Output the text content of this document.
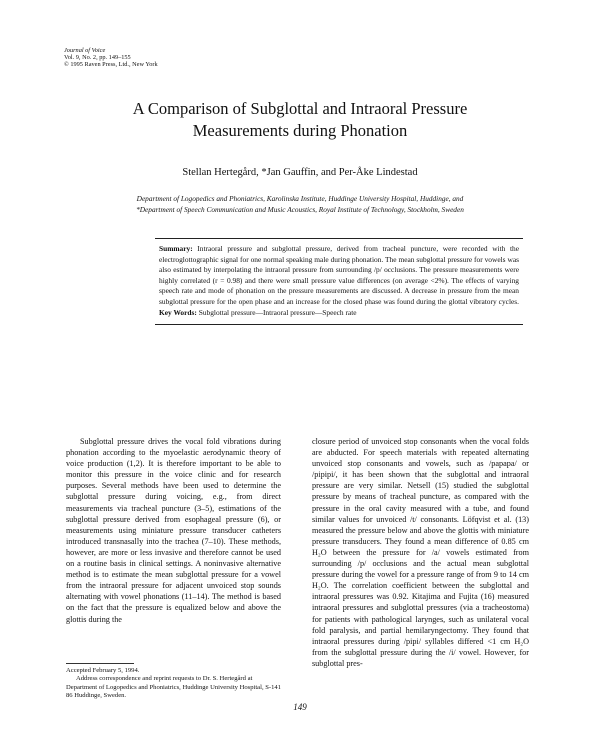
Journal of Voice
Vol. 9, No. 2, pp. 149–155
© 1995 Raven Press, Ltd., New York
A Comparison of Subglottal and Intraoral Pressure
Measurements during Phonation
Stellan Hertegård, *Jan Gauffin, and Per-Åke Lindestad
Department of Logopedics and Phoniatrics, Karolinska Institute, Huddinge University Hospital, Huddinge, and
*Department of Speech Communication and Music Acoustics, Royal Institute of Technology, Stockholm, Sweden
Summary: Intraoral pressure and subglottal pressure, derived from tracheal puncture, were recorded with the electroglottographic signal for one normal speaking male during phonation. The mean subglottal pressure for vowels was also estimated by interpolating the intraoral pressure from surrounding /p/ occlusions. The pressure measurements were highly correlated (r = 0.98) and there were small pressure value differences (on average <2%). The effects of varying speech rate and mode of phonation on the pressure measurements are discussed. A decrease in pressure from the mean subglottal pressure for the open phase and an increase for the closed phase was found during the glottal vibratory cycles. Key Words: Subglottal pressure—Intraoral pressure—Speech rate
Subglottal pressure drives the vocal fold vibrations during phonation according to the myoelastic aerodynamic theory of voice production (1,2). It is therefore important to be able to monitor this pressure in the voice clinic and for research purposes. Several methods have been used to determine the subglottal pressure during voicing, e.g., from direct measurements via tracheal puncture (3–5), estimations of the subglottal pressure derived from esophageal pressure (6), or measurements using miniature pressure transducer catheters introduced transnasally into the trachea (7–10). These methods, however, are more or less invasive and therefore cannot be used on a routine basis in clinical settings. A noninvasive alternative method is to estimate the mean subglottal pressure for a vowel from the intraoral pressure for adjacent unvoiced stop sounds alternating with vowel phonations (11–14). The method is based on the fact that the pressure is equalized below and above the glottis during the
closure period of unvoiced stop consonants when the vocal folds are abducted. For speech materials with repeated alternating unvoiced stop consonants and vowels, such as /papapa/ or /pipipi/, it has been shown that the subglottal and intraoral pressure are very similar. Netsell (15) studied the subglottal pressure by means of tracheal puncture, as compared with the pressure in the oral cavity measured with a tube, and found similar values for unvoiced /t/ consonants. Löfqvist et al. (13) measured the pressure below and above the glottis with miniature pressure transducers. They found a mean difference of 0.85 cm H₂O between the pressure for /a/ vowels estimated from surrounding /p/ occlusions and the actual mean subglottal pressure during the vowel for a pressure range of from 9 to 14 cm H₂O. The correlation coefficient between the subglottal and intraoral pressures was 0.92. Kitajima and Fujita (16) measured intraoral pressures and subglottal pressures (via a tracheostoma) for patients with pathological larynges, such as unilateral vocal fold paralysis, and partial hemilaryngectomy. They found that intraoral pressures during /pipi/ syllables differed <1 cm H₂O from the subglottal pressure during the /i/ vowel. However, for subglottal pres-

Accepted February 5, 1994.

Address correspondence and reprint requests to Dr. S. Hertegård at Department of Logopedics and Phoniatrics, Huddinge University Hospital, S-141 86 Huddinge, Sweden.

149
